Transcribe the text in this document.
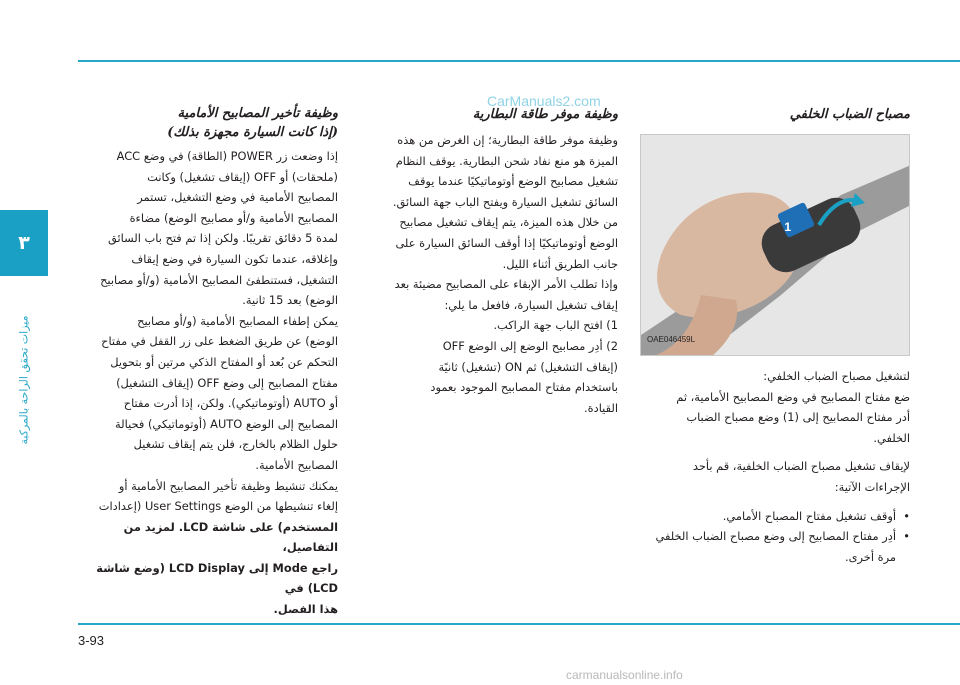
٣
ميزات تحقق الراحة بالمركبة
CarManuals2.com
carmanualsonline.info
3-93
مصباح الضباب الخلفي
1
OAE046459L
لتشغيل مصباح الضباب الخلفي:
ضع مفتاح المصابيح في وضع المصابيح الأمامية، ثم
أدر مفتاح المصابيح إلى (1) وضع مصباح الضباب
الخلفي.
لإيقاف تشغيل مصباح الضباب الخلفية، قم بأحد
الإجراءات الآتية:
• أوقف تشغيل مفتاح المصباح الأمامي.
• أدِر مفتاح المصابيح إلى وضع مصباح الضباب الخلفي مرة أخرى.
وظيفة موفر طاقة البطارية
وظيفة موفر طاقة البطارية؛ إن الغرض من هذه
الميزة هو منع نفاد شحن البطارية. يوقف النظام
تشغيل مصابيح الوضع أوتوماتيكيًا عندما يوقف
السائق تشغيل السيارة ويفتح الباب جهة السائق.
من خلال هذه الميزة، يتم إيقاف تشغيل مصابيح
الوضع أوتوماتيكيًا إذا أوقف السائق السيارة على
جانب الطريق أثناء الليل.
وإذا تطلب الأمر الإبقاء على المصابيح مضيئة بعد
إيقاف تشغيل السيارة، فافعل ما يلي:
1) افتح الباب جهة الراكب.
2) أدِر مصابيح الوضع إلى الوضع OFF
(إيقاف التشغيل) ثم ON (تشغيل) ثانيًة
باستخدام مفتاح المصابيح الموجود بعمود
القيادة.
وظيفة تأخير المصابيح الأمامية
(إذا كانت السيارة مجهزة بذلك)
إذا وضعت زر POWER (الطاقة) في وضع ACC
(ملحقات) أو OFF (إيقاف تشغيل) وكانت
المصابيح الأمامية في وضع التشغيل، تستمر
المصابيح الأمامية و/أو مصابيح الوضع) مضاءة
لمدة 5 دقائق تقريبًا. ولكن إذا تم فتح باب السائق
وإغلاقه، عندما تكون السيارة في وضع إيقاف
التشغيل، فستنطفئ المصابيح الأمامية (و/أو مصابيح
الوضع) بعد 15 ثانية.
يمكن إطفاء المصابيح الأمامية (و/أو مصابيح
الوضع) عن طريق الضغط على زر القفل في مفتاح
التحكم عن بُعد أو المفتاح الذكي مرتين أو بتحويل
مفتاح المصابيح إلى وضع OFF (إيقاف التشغيل)
أو AUTO (أوتوماتيكي). ولكن، إذا أدرت مفتاح
المصابيح إلى الوضع AUTO (أوتوماتيكي) فحيالة
حلول الظلام بالخارج، فلن يتم إيقاف تشغيل
المصابيح الأمامية.
يمكنك تنشيط وظيفة تأخير المصابيح الأمامية أو
إلغاء تنشيطها من الوضع User Settings (إعدادات
المستخدم) على شاشة LCD. لمزيد من التفاصيل،
راجع Mode إلى LCD Display (وضع شاشة LCD) في
هذا الفصل.
